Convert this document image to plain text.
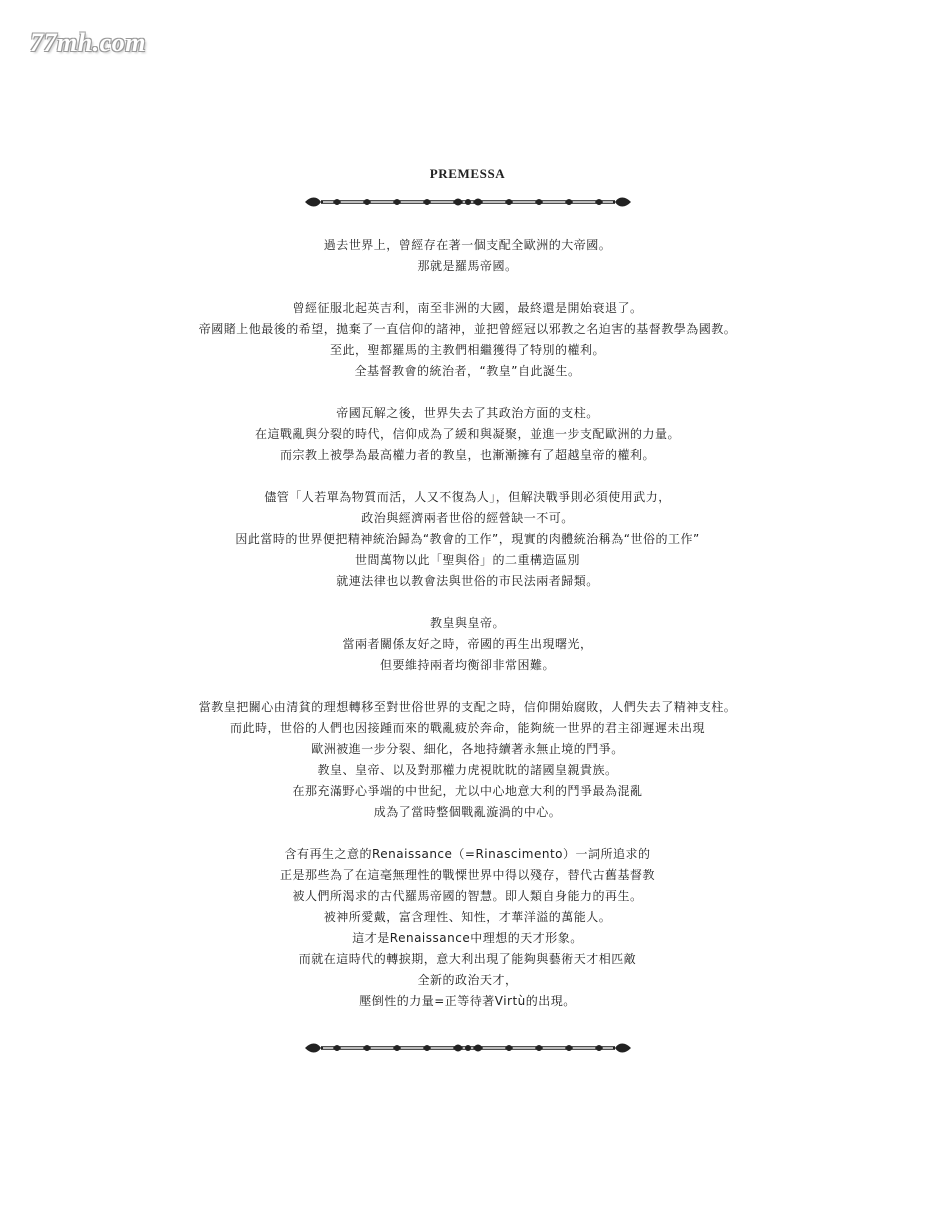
77mh.com
PREMESSA
過去世界上，曾經存在著一個支配全歐洲的大帝國。
那就是羅馬帝國。
曾經征服北起英吉利，南至非洲的大國，最終還是開始衰退了。
帝國賭上他最後的希望，拋棄了一直信仰的諸神，並把曾經冠以邪教之名迫害的基督教學為國教。
至此，聖都羅馬的主教們相繼獲得了特別的權利。
全基督教會的統治者，“教皇”自此誕生。
帝國瓦解之後，世界失去了其政治方面的支柱。
在這戰亂與分裂的時代，信仰成為了緩和與凝聚，並進一步支配歐洲的力量。
而宗教上被學為最高權力者的教皇，也漸漸擁有了超越皇帝的權利。
儘管「人若單為物質而活，人又不復為人」，但解決戰爭則必須使用武力，
政治與經濟兩者世俗的經營缺一不可。
因此當時的世界便把精神統治歸為“教會的工作”，現實的肉體統治稱為“世俗的工作”
世間萬物以此「聖與俗」的二重構造區別
就連法律也以教會法與世俗的市民法兩者歸類。
教皇與皇帝。
當兩者關係友好之時，帝國的再生出現曙光，
但要維持兩者均衡卻非常困難。
當教皇把關心由清貧的理想轉移至對世俗世界的支配之時，信仰開始腐敗，人們失去了精神支柱。
而此時，世俗的人們也因接踵而來的戰亂疲於奔命，能夠統一世界的君主卻遲遲未出現
歐洲被進一步分裂、細化，各地持續著永無止境的鬥爭。
教皇、皇帝、以及對那權力虎視眈眈的諸國皇親貴族。
在那充滿野心爭端的中世紀，尤以中心地意大利的鬥爭最為混亂
成為了當時整個戰亂漩渦的中心。
含有再生之意的Renaissance（=Rinascimento）一詞所追求的
正是那些為了在這毫無理性的戰慄世界中得以殘存，替代古舊基督教
被人們所渴求的古代羅馬帝國的智慧。即人類自身能力的再生。
被神所愛戴，富含理性、知性，才華洋溢的萬能人。
這才是Renaissance中理想的天才形象。
而就在這時代的轉捩期，意大利出現了能夠與藝術天才相匹敵
全新的政治天才，
壓倒性的力量=正等待著Virtù的出現。
